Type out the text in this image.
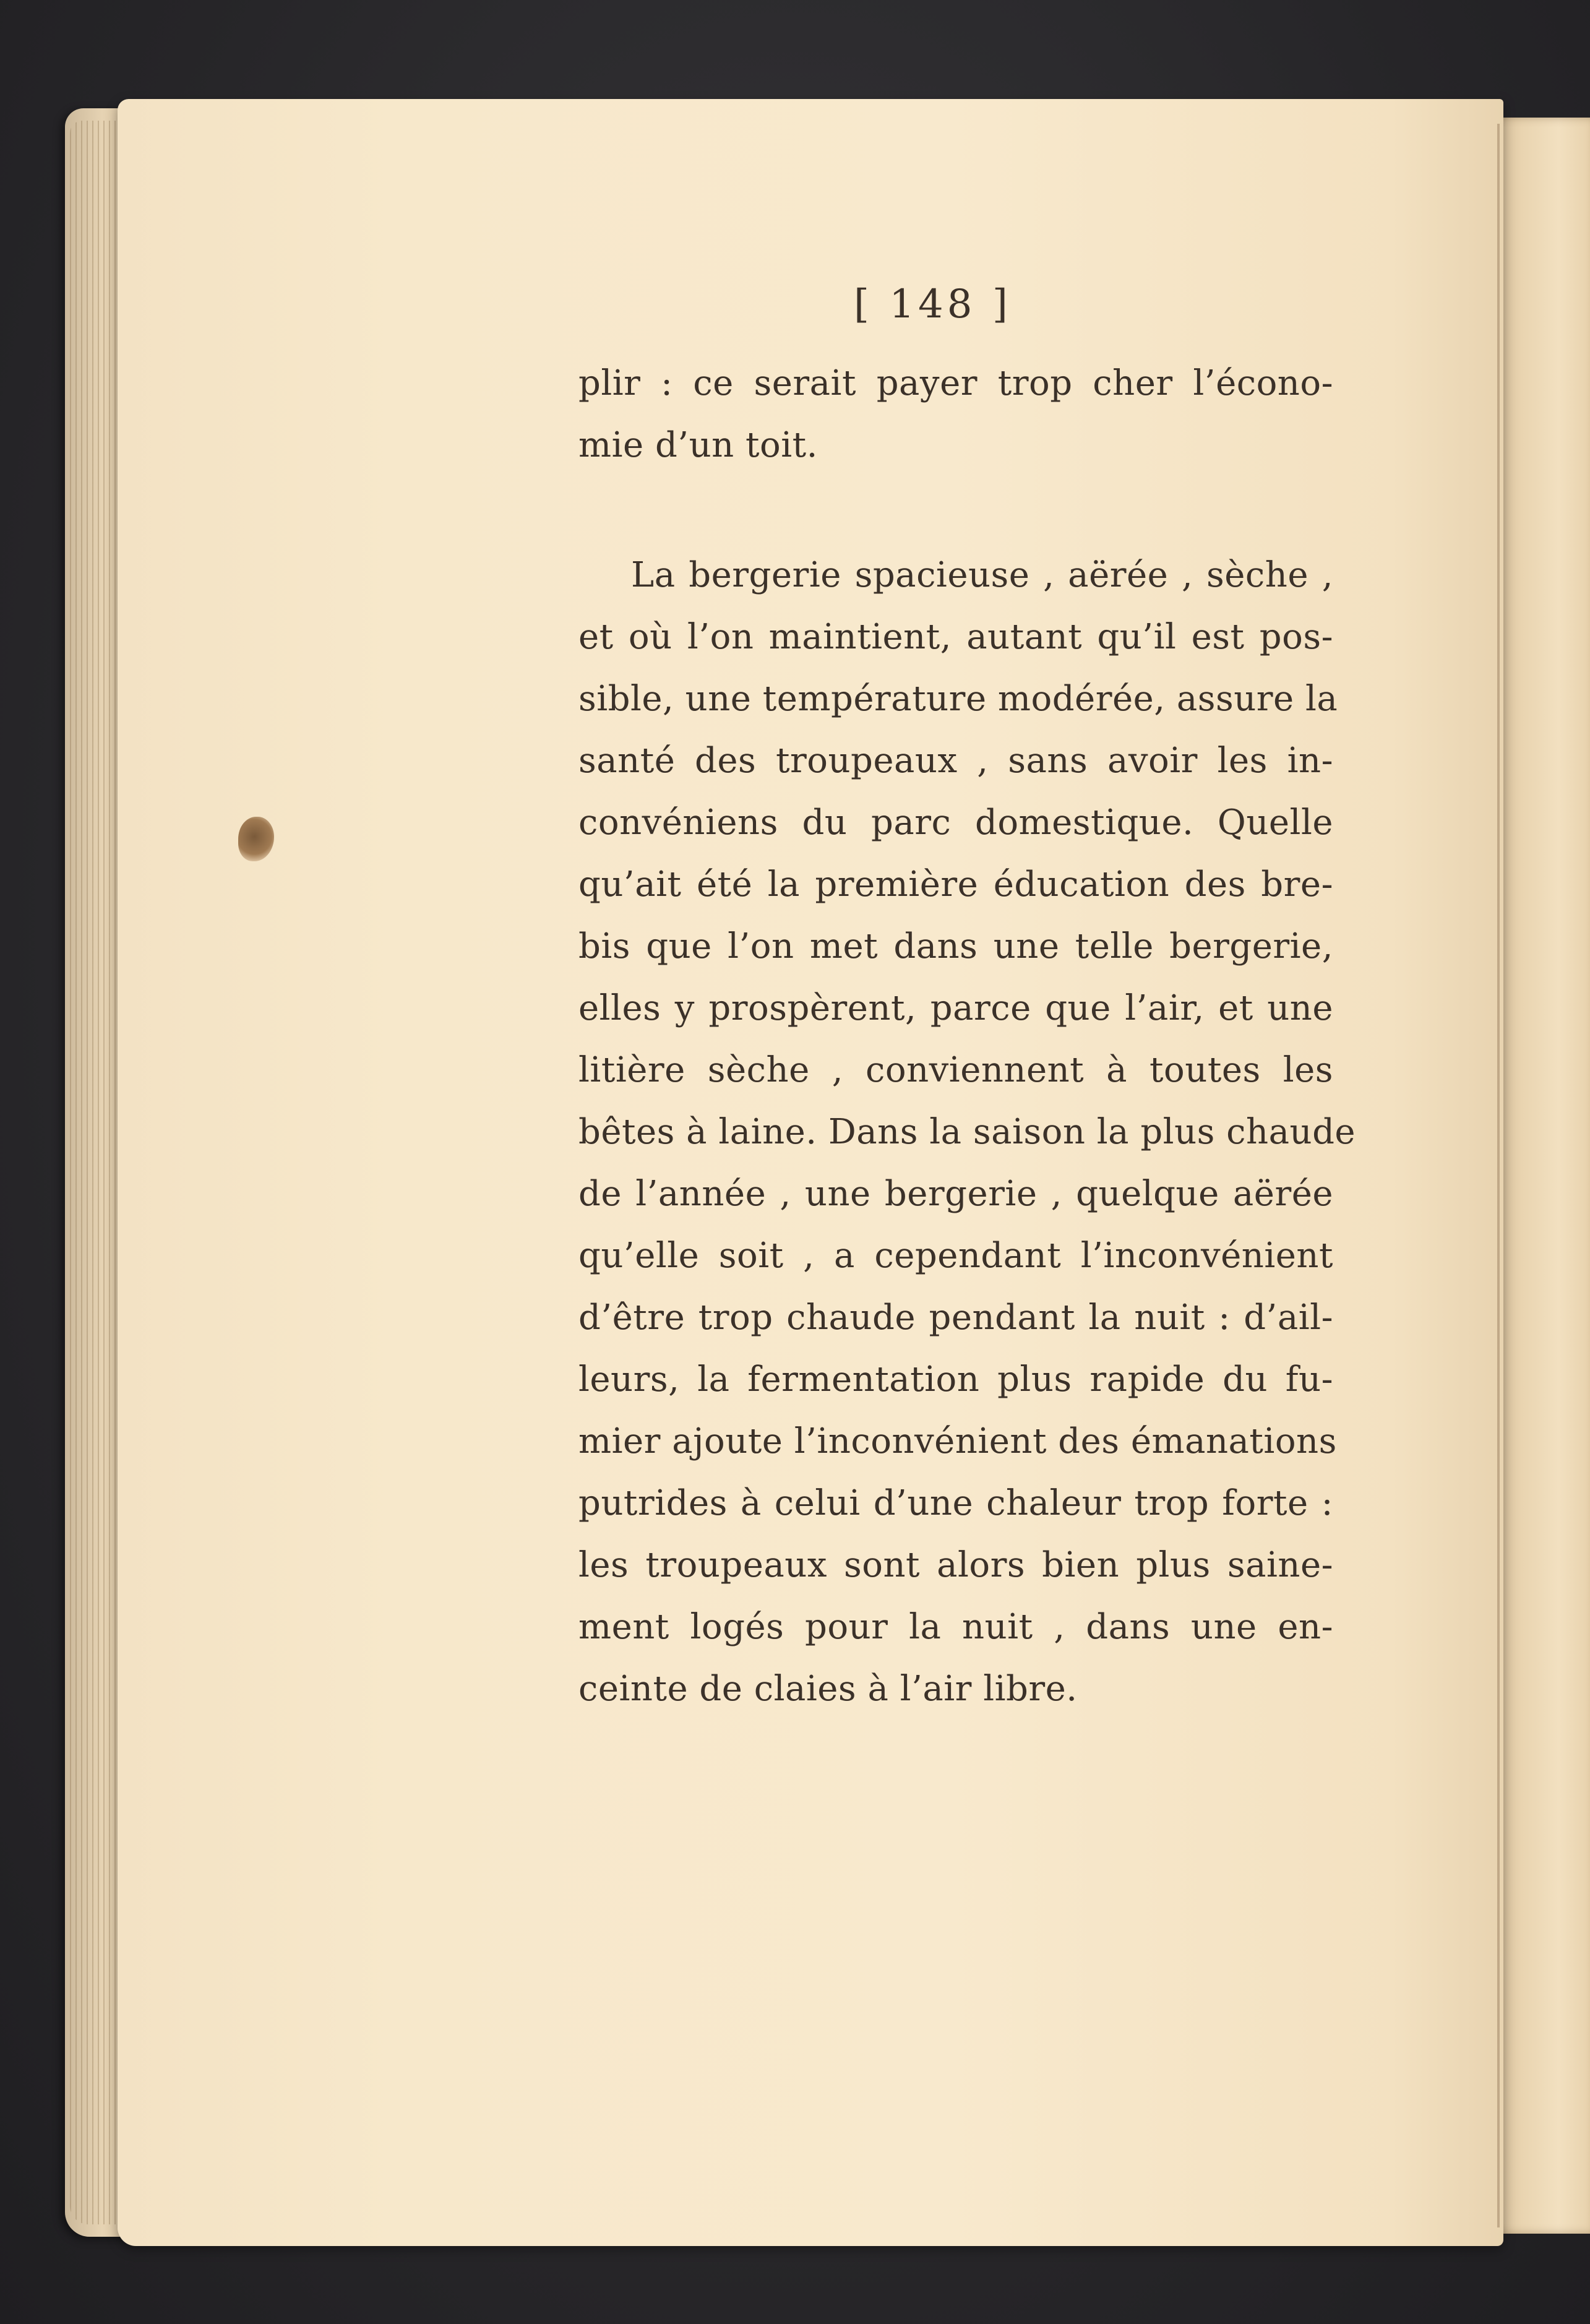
[ 148 ]
plir : ce serait payer trop cher l’écono-
mie d’un toit.
La bergerie spacieuse , aërée , sèche ,
et où l’on maintient, autant qu’il est pos-
sible, une température modérée, assure la
santé des troupeaux , sans avoir les in-
convéniens du parc domestique. Quelle
qu’ait été la première éducation des bre-
bis que l’on met dans une telle bergerie,
elles y prospèrent, parce que l’air, et une
litière sèche , conviennent à toutes les
bêtes à laine. Dans la saison la plus chaude
de l’année , une bergerie , quelque aërée
qu’elle soit , a cependant l’inconvénient
d’être trop chaude pendant la nuit : d’ail-
leurs, la fermentation plus rapide du fu-
mier ajoute l’inconvénient des émanations
putrides à celui d’une chaleur trop forte :
les troupeaux sont alors bien plus saine-
ment logés pour la nuit , dans une en-
ceinte de claies à l’air libre.
